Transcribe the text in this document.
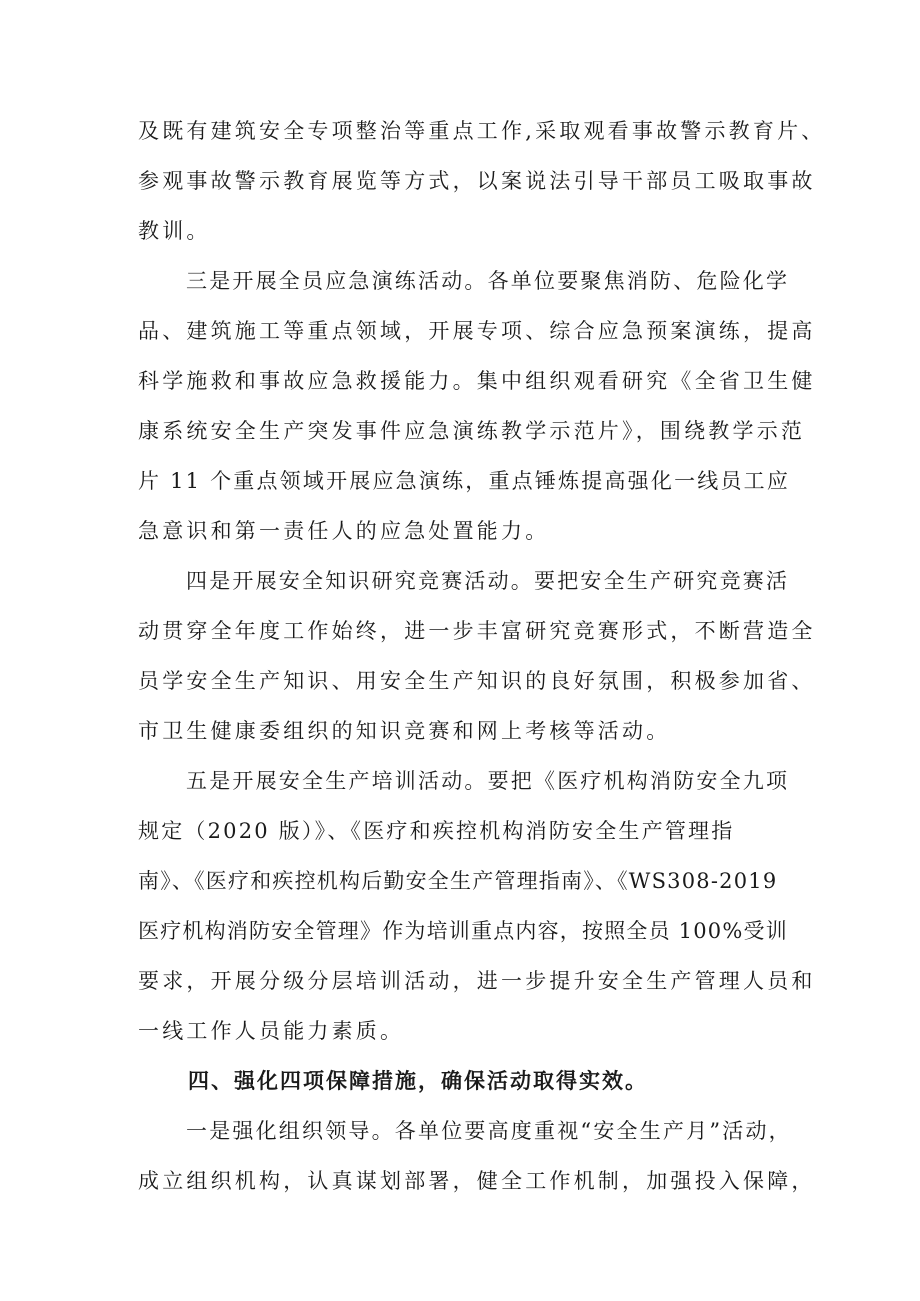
及既有建筑安全专项整治等重点工作,采取观看事故警示教育片、
参观事故警示教育展览等方式，以案说法引导干部员工吸取事故
教训。
三是开展全员应急演练活动。各单位要聚焦消防、危险化学
品、建筑施工等重点领域，开展专项、综合应急预案演练，提高
科学施救和事故应急救援能力。集中组织观看研究《全省卫生健
康系统安全生产突发事件应急演练教学示范片》，围绕教学示范
片 11 个重点领域开展应急演练，重点锤炼提高强化一线员工应
急意识和第一责任人的应急处置能力。
四是开展安全知识研究竞赛活动。要把安全生产研究竞赛活
动贯穿全年度工作始终，进一步丰富研究竞赛形式，不断营造全
员学安全生产知识、用安全生产知识的良好氛围，积极参加省、
市卫生健康委组织的知识竞赛和网上考核等活动。
五是开展安全生产培训活动。要把《医疗机构消防安全九项
规定（2020 版）》、《医疗和疾控机构消防安全生产管理指
南》、《医疗和疾控机构后勤安全生产管理指南》、《WS308-2019
医疗机构消防安全管理》作为培训重点内容，按照全员 100%受训
要求，开展分级分层培训活动，进一步提升安全生产管理人员和
一线工作人员能力素质。
四、强化四项保障措施，确保活动取得实效。
一是强化组织领导。各单位要高度重视“安全生产月”活动，
成立组织机构，认真谋划部署，健全工作机制，加强投入保障，
